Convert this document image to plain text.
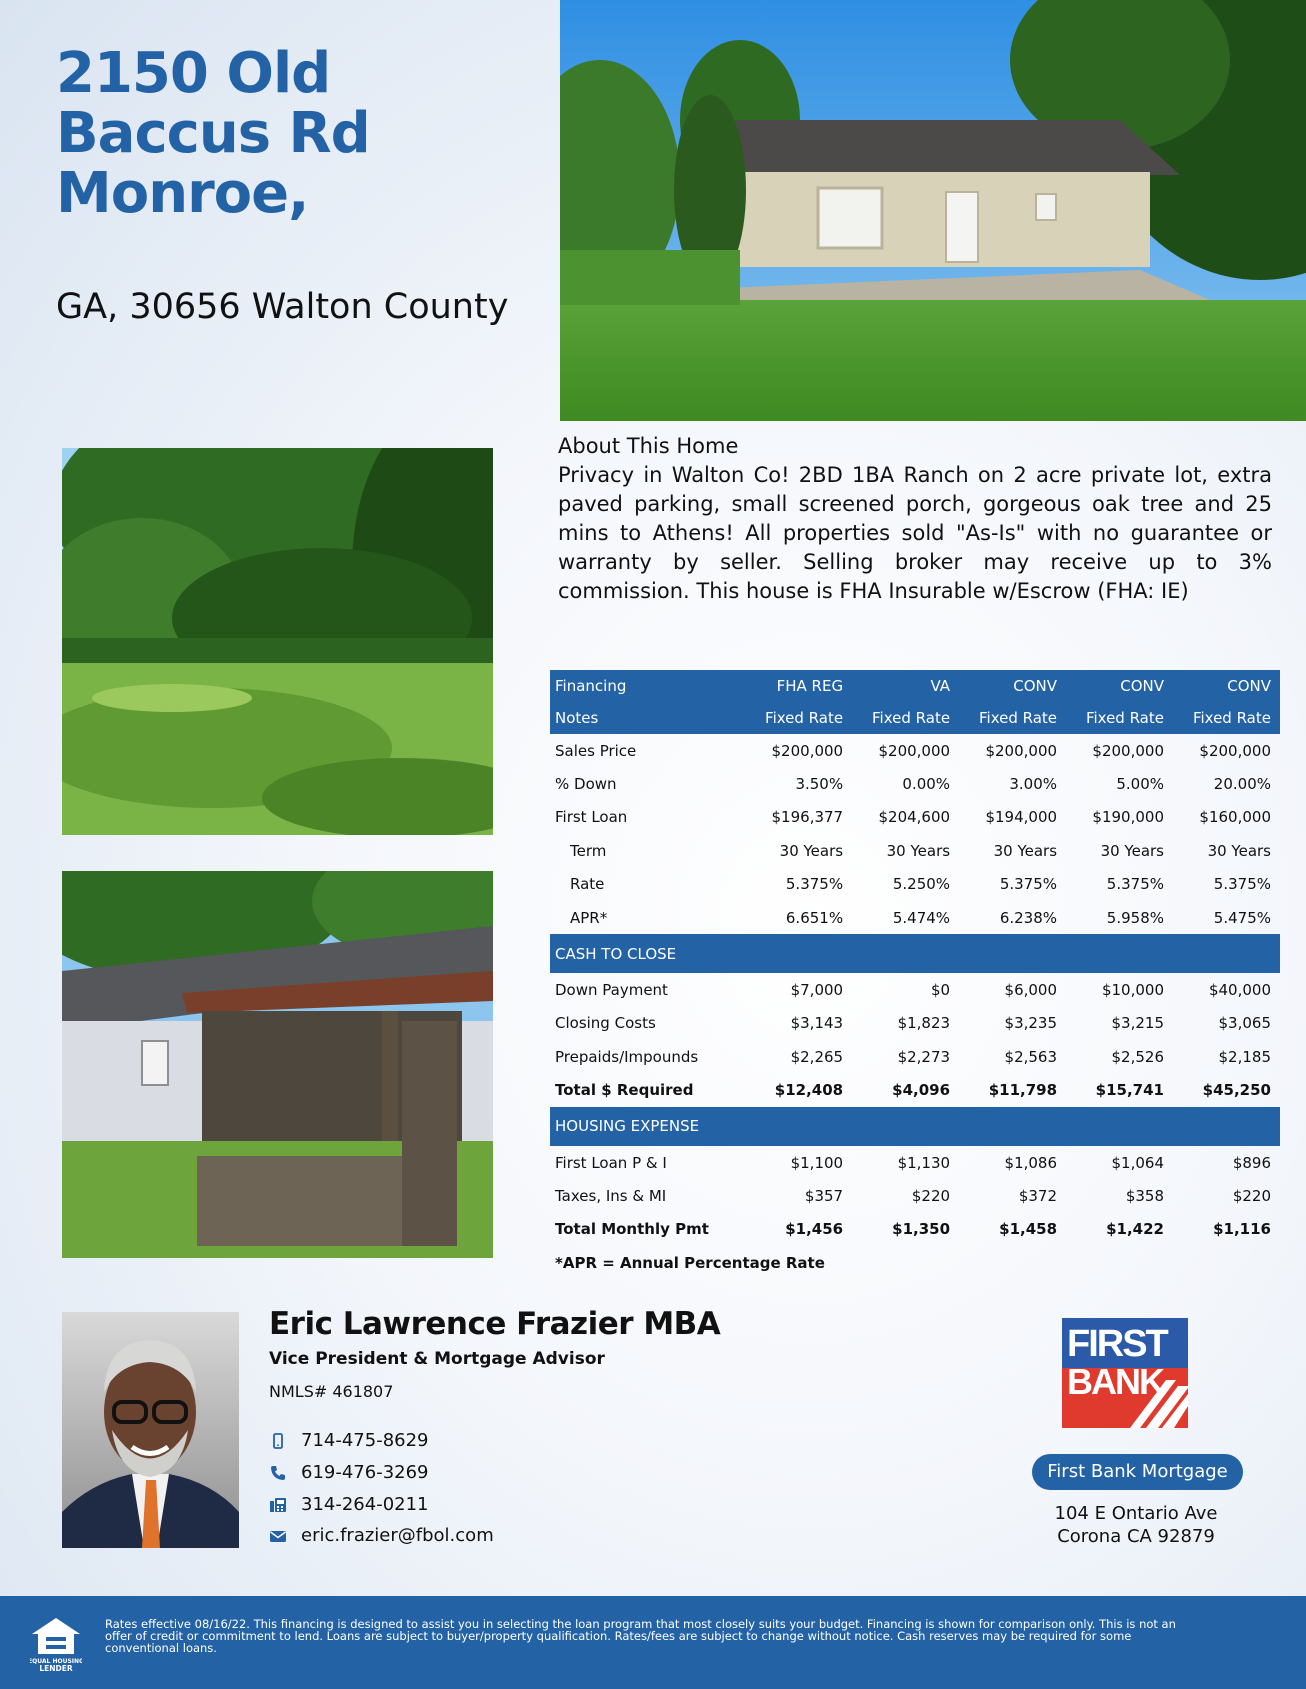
2150 Old Baccus Rd Monroe,

GA, 30656 Walton County

About This Home

Privacy in Walton Co! 2BD 1BA Ranch on 2 acre private lot, extra paved parking, small screened porch, gorgeous oak tree and 25 mins to Athens! All properties sold "As-Is" with no guarantee or warranty by seller. Selling broker may receive up to 3% commission. This house is FHA Insurable w/Escrow (FHA: IE)

Financing	FHA REG	VA	CONV	CONV	CONV
Notes	Fixed Rate	Fixed Rate	Fixed Rate	Fixed Rate	Fixed Rate
Sales Price	$200,000	$200,000	$200,000	$200,000	$200,000
% Down	3.50%	0.00%	3.00%	5.00%	20.00%
First Loan	$196,377	$204,600	$194,000	$190,000	$160,000
Term	30 Years	30 Years	30 Years	30 Years	30 Years
Rate	5.375%	5.250%	5.375%	5.375%	5.375%
APR*	6.651%	5.474%	6.238%	5.958%	5.475%
CASH TO CLOSE					
Down Payment	$7,000	$0	$6,000	$10,000	$40,000
Closing Costs	$3,143	$1,823	$3,235	$3,215	$3,065
Prepaids/Impounds	$2,265	$2,273	$2,563	$2,526	$2,185
Total $ Required	$12,408	$4,096	$11,798	$15,741	$45,250
HOUSING EXPENSE					
First Loan P & I	$1,100	$1,130	$1,086	$1,064	$896
Taxes, Ins & MI	$357	$220	$372	$358	$220
Total Monthly Pmt	$1,456	$1,350	$1,458	$1,422	$1,116
*APR = Annual Percentage Rate					
Eric Lawrence Frazier MBA
Vice President & Mortgage Advisor
NMLS# 461807
714-475-8629
619-476-3269
314-264-0211
eric.frazier@fbol.com
FIRST
BANK
First Bank Mortgage
104 E Ontario Ave
Corona CA 92879
EQUAL HOUSING
LENDER

Rates effective 08/16/22. This financing is designed to assist you in selecting the loan program that most closely suits your budget. Financing is shown for comparison only. This is not an offer of credit or commitment to lend. Loans are subject to buyer/property qualification. Rates/fees are subject to change without notice. Cash reserves may be required for some conventional loans.
